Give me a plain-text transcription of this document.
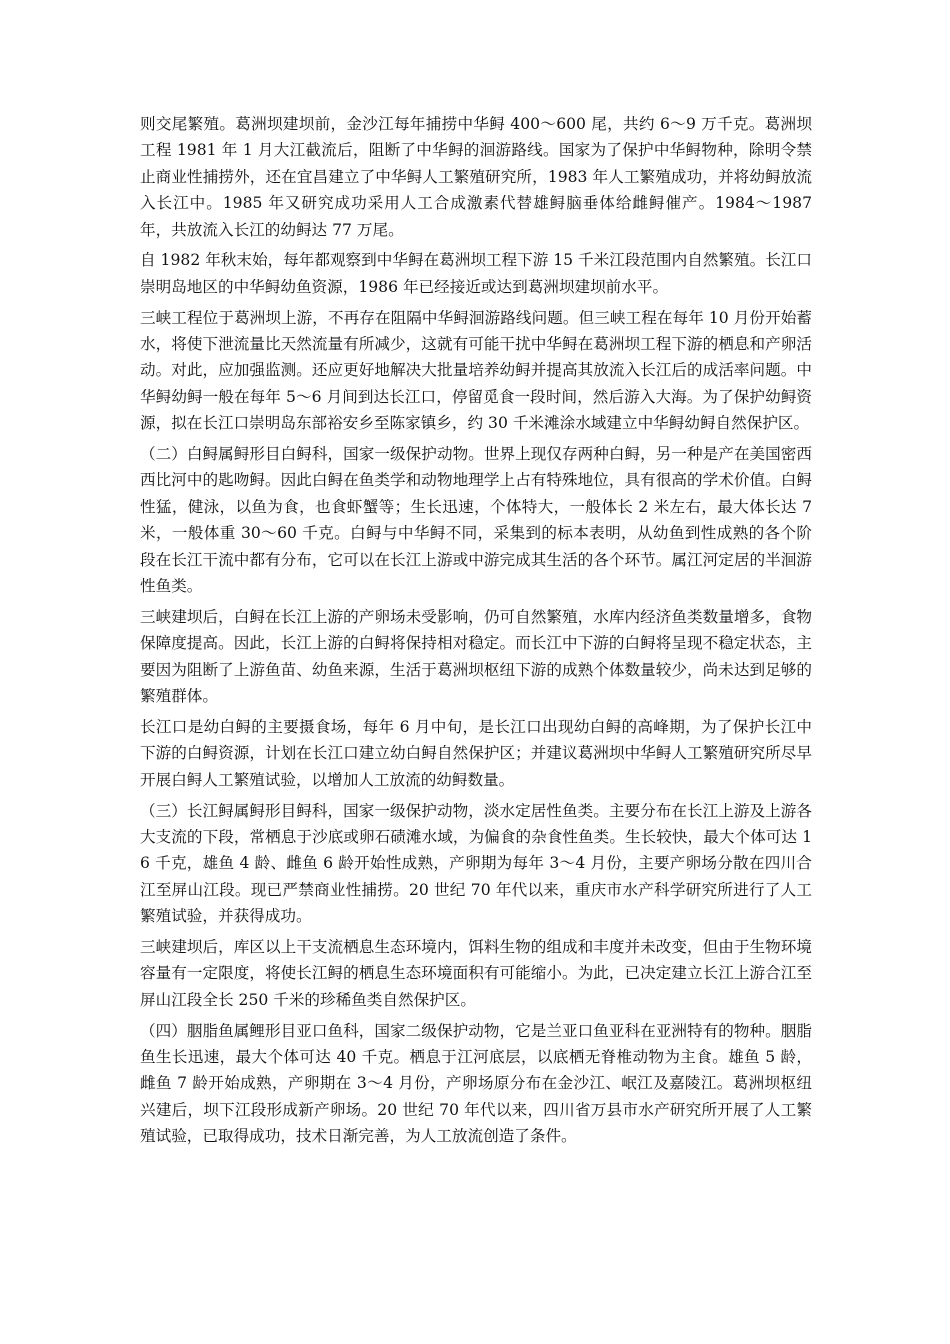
则交尾繁殖。葛洲坝建坝前，金沙江每年捕捞中华鲟 400～600 尾，共约 6～9 万千克。葛洲坝工程 1981 年 1 月大江截流后，阻断了中华鲟的洄游路线。国家为了保护中华鲟物种，除明令禁止商业性捕捞外，还在宜昌建立了中华鲟人工繁殖研究所，1983 年人工繁殖成功，并将幼鲟放流入长江中。1985 年又研究成功采用人工合成激素代替雄鲟脑垂体给雌鲟催产。1984～1987 年，共放流入长江的幼鲟达 77 万尾。

自 1982 年秋末始，每年都观察到中华鲟在葛洲坝工程下游 15 千米江段范围内自然繁殖。长江口崇明岛地区的中华鲟幼鱼资源，1986 年已经接近或达到葛洲坝建坝前水平。

三峡工程位于葛洲坝上游，不再存在阻隔中华鲟洄游路线问题。但三峡工程在每年 10 月份开始蓄水，将使下泄流量比天然流量有所减少，这就有可能干扰中华鲟在葛洲坝工程下游的栖息和产卵活动。对此，应加强监测。还应更好地解决大批量培养幼鲟并提高其放流入长江后的成活率问题。中华鲟幼鲟一般在每年 5～6 月间到达长江口，停留觅食一段时间，然后游入大海。为了保护幼鲟资源，拟在长江口崇明岛东部裕安乡至陈家镇乡，约 30 千米滩涂水域建立中华鲟幼鲟自然保护区。

（二）白鲟属鲟形目白鲟科，国家一级保护动物。世界上现仅存两种白鲟，另一种是产在美国密西西比河中的匙吻鲟。因此白鲟在鱼类学和动物地理学上占有特殊地位，具有很高的学术价值。白鲟性猛，健泳，以鱼为食，也食虾蟹等；生长迅速，个体特大，一般体长 2 米左右，最大体长达 7 米，一般体重 30～60 千克。白鲟与中华鲟不同，采集到的标本表明，从幼鱼到性成熟的各个阶段在长江干流中都有分布，它可以在长江上游或中游完成其生活的各个环节。属江河定居的半洄游性鱼类。

三峡建坝后，白鲟在长江上游的产卵场未受影响，仍可自然繁殖，水库内经济鱼类数量增多，食物保障度提高。因此，长江上游的白鲟将保持相对稳定。而长江中下游的白鲟将呈现不稳定状态，主要因为阻断了上游鱼苗、幼鱼来源，生活于葛洲坝枢纽下游的成熟个体数量较少，尚未达到足够的繁殖群体。

长江口是幼白鲟的主要摄食场，每年 6 月中旬，是长江口出现幼白鲟的高峰期，为了保护长江中下游的白鲟资源，计划在长江口建立幼白鲟自然保护区；并建议葛洲坝中华鲟人工繁殖研究所尽早开展白鲟人工繁殖试验，以增加人工放流的幼鲟数量。

（三）长江鲟属鲟形目鲟科，国家一级保护动物，淡水定居性鱼类。主要分布在长江上游及上游各大支流的下段，常栖息于沙底或卵石碛滩水域，为偏食的杂食性鱼类。生长较快，最大个体可达 16 千克，雄鱼 4 龄、雌鱼 6 龄开始性成熟，产卵期为每年 3～4 月份，主要产卵场分散在四川合江至屏山江段。现已严禁商业性捕捞。20 世纪 70 年代以来，重庆市水产科学研究所进行了人工繁殖试验，并获得成功。

三峡建坝后，库区以上干支流栖息生态环境内，饵料生物的组成和丰度并未改变，但由于生物环境容量有一定限度，将使长江鲟的栖息生态环境面积有可能缩小。为此，已决定建立长江上游合江至屏山江段全长 250 千米的珍稀鱼类自然保护区。

（四）胭脂鱼属鲤形目亚口鱼科，国家二级保护动物，它是兰亚口鱼亚科在亚洲特有的物种。胭脂鱼生长迅速，最大个体可达 40 千克。栖息于江河底层，以底栖无脊椎动物为主食。雄鱼 5 龄，雌鱼 7 龄开始成熟，产卵期在 3～4 月份，产卵场原分布在金沙江、岷江及嘉陵江。葛洲坝枢纽兴建后，坝下江段形成新产卵场。20 世纪 70 年代以来，四川省万县市水产研究所开展了人工繁殖试验，已取得成功，技术日渐完善，为人工放流创造了条件。
